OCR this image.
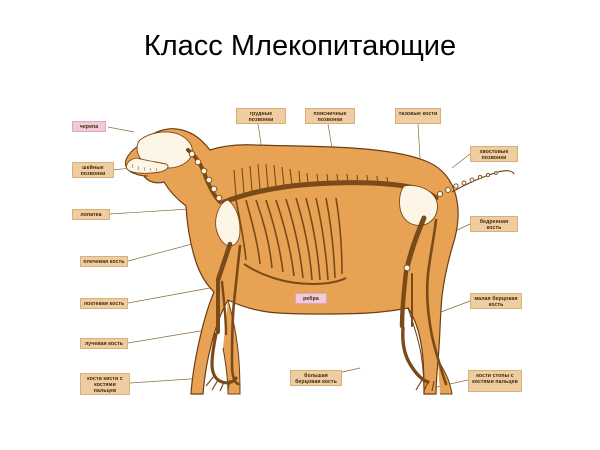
Класс Млекопитающие
черепа
шейные позвонки
лопатка
плечевая кость
локтевая кость
лучевая кость
кости кисти с костями пальцев
грудные позвонки
поясничные позвонки
тазовые кости
хвостовые позвонки
бедренная кость
малая берцовая кость
кости стопы с костями пальцев
ребра
большая берцовая кость
